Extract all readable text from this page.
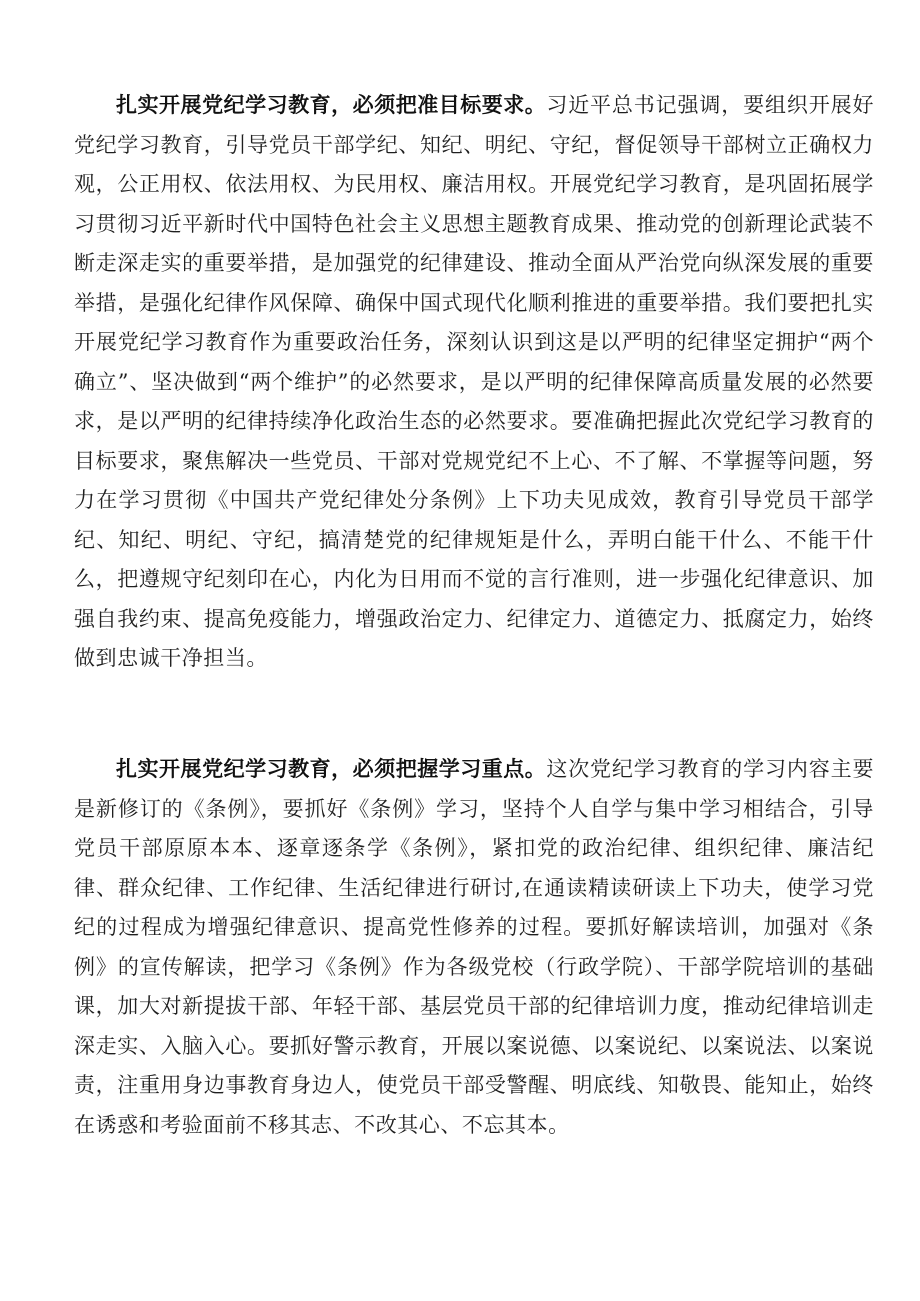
扎实开展党纪学习教育，必须把准目标要求。习近平总书记强调，要组织开展好党纪学习教育，引导党员干部学纪、知纪、明纪、守纪，督促领导干部树立正确权力观，公正用权、依法用权、为民用权、廉洁用权。开展党纪学习教育，是巩固拓展学习贯彻习近平新时代中国特色社会主义思想主题教育成果、推动党的创新理论武装不断走深走实的重要举措，是加强党的纪律建设、推动全面从严治党向纵深发展的重要举措，是强化纪律作风保障、确保中国式现代化顺利推进的重要举措。我们要把扎实开展党纪学习教育作为重要政治任务，深刻认识到这是以严明的纪律坚定拥护“两个确立”、坚决做到“两个维护”的必然要求，是以严明的纪律保障高质量发展的必然要求，是以严明的纪律持续净化政治生态的必然要求。要准确把握此次党纪学习教育的目标要求，聚焦解决一些党员、干部对党规党纪不上心、不了解、不掌握等问题，努力在学习贯彻《中国共产党纪律处分条例》上下功夫见成效，教育引导党员干部学纪、知纪、明纪、守纪，搞清楚党的纪律规矩是什么，弄明白能干什么、不能干什么，把遵规守纪刻印在心，内化为日用而不觉的言行准则，进一步强化纪律意识、加强自我约束、提高免疫能力，增强政治定力、纪律定力、道德定力、抵腐定力，始终做到忠诚干净担当。

扎实开展党纪学习教育，必须把握学习重点。这次党纪学习教育的学习内容主要是新修订的《条例》，要抓好《条例》学习，坚持个人自学与集中学习相结合，引导党员干部原原本本、逐章逐条学《条例》，紧扣党的政治纪律、组织纪律、廉洁纪律、群众纪律、工作纪律、生活纪律进行研讨,在通读精读研读上下功夫，使学习党纪的过程成为增强纪律意识、提高党性修养的过程。要抓好解读培训，加强对《条例》的宣传解读，把学习《条例》作为各级党校（行政学院）、干部学院培训的基础课，加大对新提拔干部、年轻干部、基层党员干部的纪律培训力度，推动纪律培训走深走实、入脑入心。要抓好警示教育，开展以案说德、以案说纪、以案说法、以案说责，注重用身边事教育身边人，使党员干部受警醒、明底线、知敬畏、能知止，始终在诱惑和考验面前不移其志、不改其心、不忘其本。
